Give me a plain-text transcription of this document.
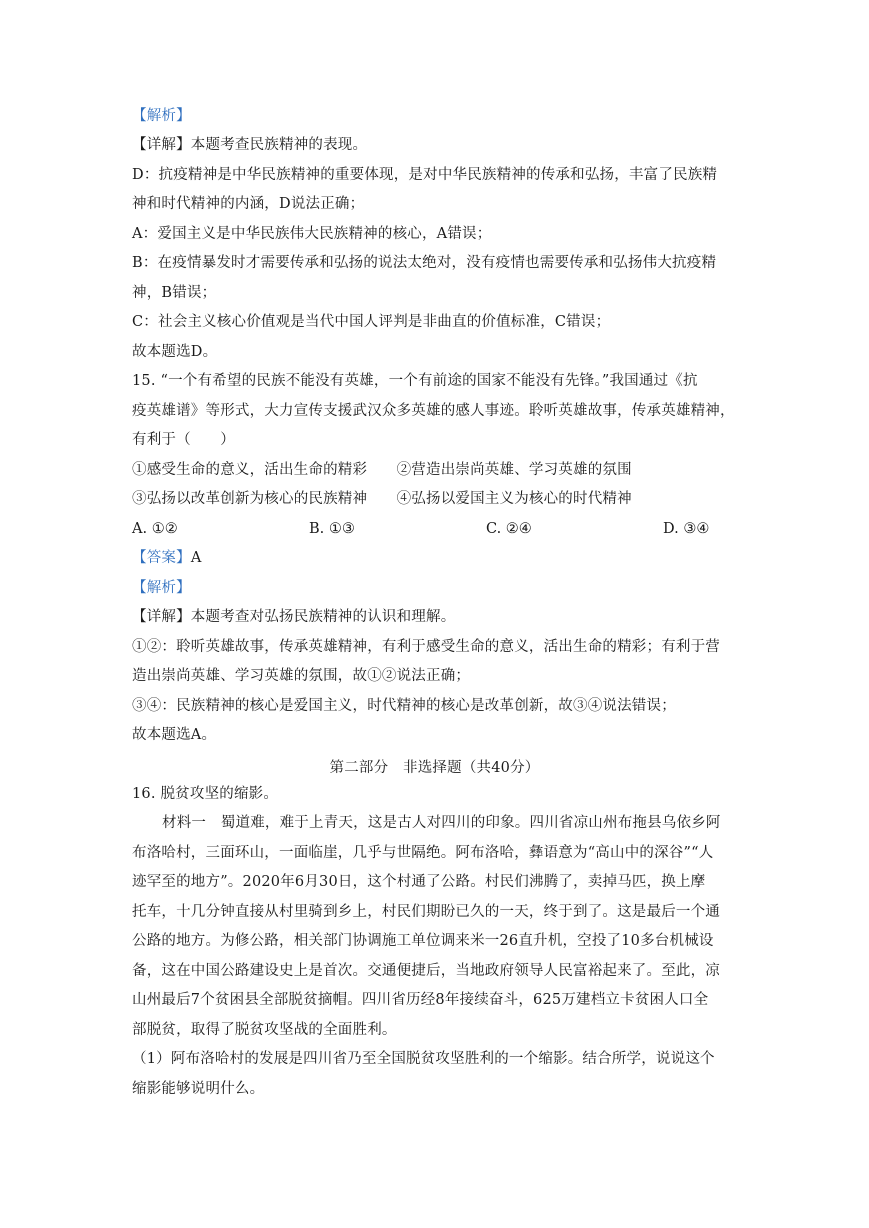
【解析】
【详解】本题考查民族精神的表现。
D：抗疫精神是中华民族精神的重要体现，是对中华民族精神的传承和弘扬，丰富了民族精
神和时代精神的内涵，D说法正确；
A：爱国主义是中华民族伟大民族精神的核心，A错误；
B：在疫情暴发时才需要传承和弘扬的说法太绝对，没有疫情也需要传承和弘扬伟大抗疫精
神，B错误；
C：社会主义核心价值观是当代中国人评判是非曲直的价值标准，C错误；
故本题选D。
15. “一个有希望的民族不能没有英雄，一个有前途的国家不能没有先锋。”我国通过《抗
疫英雄谱》等形式，大力宣传支援武汉众多英雄的感人事迹。聆听英雄故事，传承英雄精神，
有利于（　　）
①感受生命的意义，活出生命的精彩　　②营造出崇尚英雄、学习英雄的氛围
③弘扬以改革创新为核心的民族精神　　④弘扬以爱国主义为核心的时代精神
A. ①②	B. ①③	C. ②④	D. ③④
【答案】A
【解析】
【详解】本题考查对弘扬民族精神的认识和理解。
①②：聆听英雄故事，传承英雄精神，有利于感受生命的意义，活出生命的精彩；有利于营
造出崇尚英雄、学习英雄的氛围，故①②说法正确；
③④：民族精神的核心是爱国主义，时代精神的核心是改革创新，故③④说法错误；
故本题选A。
第二部分　非选择题（共40分）
16. 脱贫攻坚的缩影。
材料一　蜀道难，难于上青天，这是古人对四川的印象。四川省凉山州布拖县乌依乡阿
布洛哈村，三面环山，一面临崖，几乎与世隔绝。阿布洛哈，彝语意为“高山中的深谷”“人
迹罕至的地方”。2020年6月30日，这个村通了公路。村民们沸腾了，卖掉马匹，换上摩
托车，十几分钟直接从村里骑到乡上，村民们期盼已久的一天，终于到了。这是最后一个通
公路的地方。为修公路，相关部门协调施工单位调来米一26直升机，空投了10多台机械设
备，这在中国公路建设史上是首次。交通便捷后，当地政府领导人民富裕起来了。至此，凉
山州最后7个贫困县全部脱贫摘帽。四川省历经8年接续奋斗，625万建档立卡贫困人口全
部脱贫，取得了脱贫攻坚战的全面胜利。
（1）阿布洛哈村的发展是四川省乃至全国脱贫攻坚胜利的一个缩影。结合所学，说说这个
缩影能够说明什么。
